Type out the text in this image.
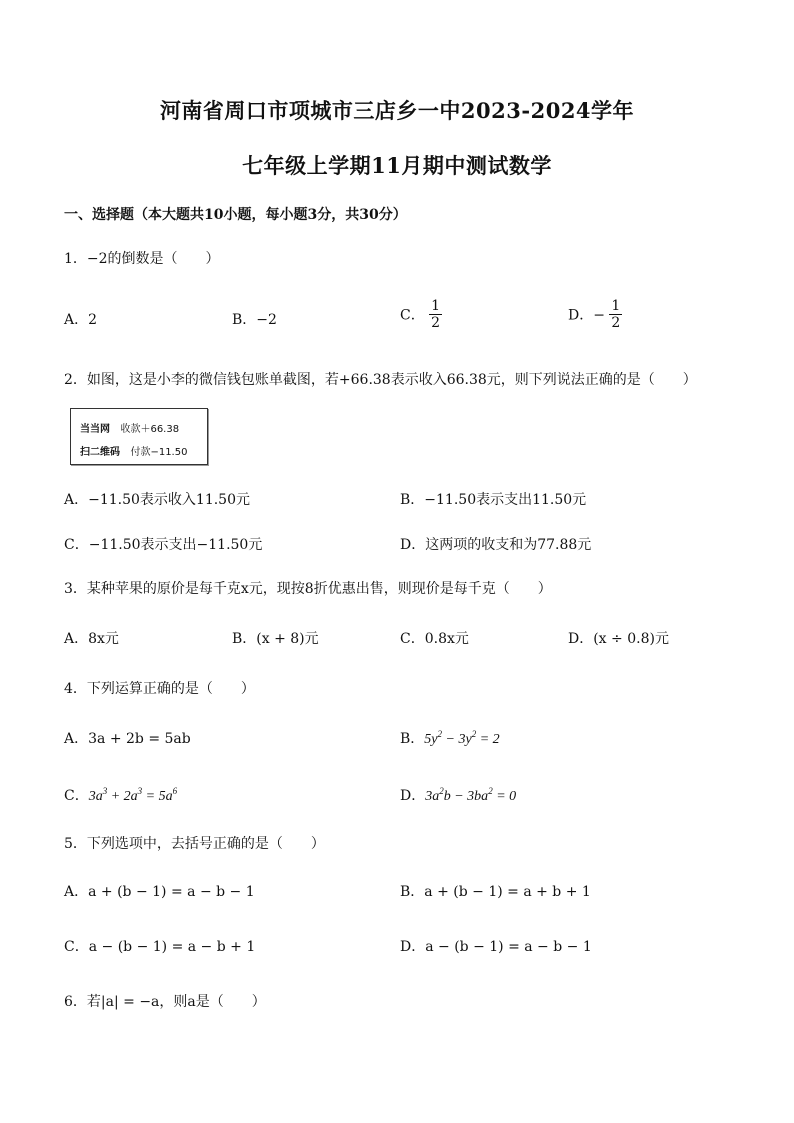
河南省周口市项城市三店乡一中2023-2024学年
七年级上学期11月期中测试数学
一、选择题（本大题共10小题，每小题3分，共30分）
1．−2的倒数是（　　）
A．2	B．−2	C． $\frac{1}{2}$	D．− $\frac{1}{2}$
2．如图，这是小李的微信钱包账单截图，若+66.38表示收入66.38元，则下列说法正确的是（　　）
当当网 收款＋66.38
扫二维码 付款−11.50
A．−11.50表示收入11.50元	B．−11.50表示支出11.50元
C．−11.50表示支出−11.50元	D．这两项的收支和为77.88元
3．某种苹果的原价是每千克x元，现按8折优惠出售，则现价是每千克（　　）
A．8x元	B．(x + 8)元	C．0.8x元	D．(x ÷ 0.8)元
4．下列运算正确的是（　　）
A．3a + 2b = 5ab	B．$5y^2 - 3y^2 = 2$
C．$3a^3 + 2a^3 = 5a^6$	D．$3a^2b - 3ba^2 = 0$
5．下列选项中，去括号正确的是（　　）
A．a + (b − 1) = a − b − 1	B．a + (b − 1) = a + b + 1
C．a − (b − 1) = a − b + 1	D．a − (b − 1) = a − b − 1
6．若|a| = −a，则a是（　　）
